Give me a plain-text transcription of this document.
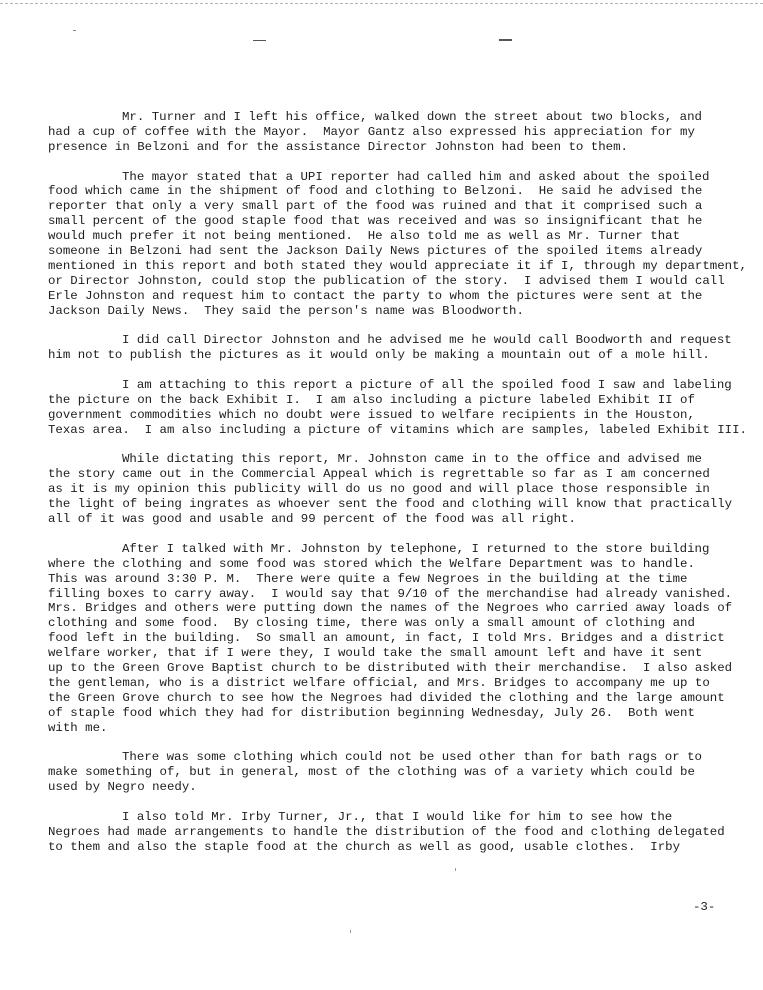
Mr. Turner and I left his office, walked down the street about two blocks, and
had a cup of coffee with the Mayor.  Mayor Gantz also expressed his appreciation for my
presence in Belzoni and for the assistance Director Johnston had been to them.
The mayor stated that a UPI reporter had called him and asked about the spoiled
food which came in the shipment of food and clothing to Belzoni.  He said he advised the
reporter that only a very small part of the food was ruined and that it comprised such a
small percent of the good staple food that was received and was so insignificant that he
would much prefer it not being mentioned.  He also told me as well as Mr. Turner that
someone in Belzoni had sent the Jackson Daily News pictures of the spoiled items already
mentioned in this report and both stated they would appreciate it if I, through my department,
or Director Johnston, could stop the publication of the story.  I advised them I would call
Erle Johnston and request him to contact the party to whom the pictures were sent at the
Jackson Daily News.  They said the person's name was Bloodworth.
I did call Director Johnston and he advised me he would call Boodworth and request
him not to publish the pictures as it would only be making a mountain out of a mole hill.
I am attaching to this report a picture of all the spoiled food I saw and labeling
the picture on the back Exhibit I.  I am also including a picture labeled Exhibit II of
government commodities which no doubt were issued to welfare recipients in the Houston,
Texas area.  I am also including a picture of vitamins which are samples, labeled Exhibit III.
While dictating this report, Mr. Johnston came in to the office and advised me
the story came out in the Commercial Appeal which is regrettable so far as I am concerned
as it is my opinion this publicity will do us no good and will place those responsible in
the light of being ingrates as whoever sent the food and clothing will know that practically
all of it was good and usable and 99 percent of the food was all right.
After I talked with Mr. Johnston by telephone, I returned to the store building
where the clothing and some food was stored which the Welfare Department was to handle.
This was around 3:30 P. M.  There were quite a few Negroes in the building at the time
filling boxes to carry away.  I would say that 9/10 of the merchandise had already vanished.
Mrs. Bridges and others were putting down the names of the Negroes who carried away loads of
clothing and some food.  By closing time, there was only a small amount of clothing and
food left in the building.  So small an amount, in fact, I told Mrs. Bridges and a district
welfare worker, that if I were they, I would take the small amount left and have it sent
up to the Green Grove Baptist church to be distributed with their merchandise.  I also asked
the gentleman, who is a district welfare official, and Mrs. Bridges to accompany me up to
the Green Grove church to see how the Negroes had divided the clothing and the large amount
of staple food which they had for distribution beginning Wednesday, July 26.  Both went
with me.
There was some clothing which could not be used other than for bath rags or to
make something of, but in general, most of the clothing was of a variety which could be
used by Negro needy.
I also told Mr. Irby Turner, Jr., that I would like for him to see how the
Negroes had made arrangements to handle the distribution of the food and clothing delegated
to them and also the staple food at the church as well as good, usable clothes.  Irby
-3-
